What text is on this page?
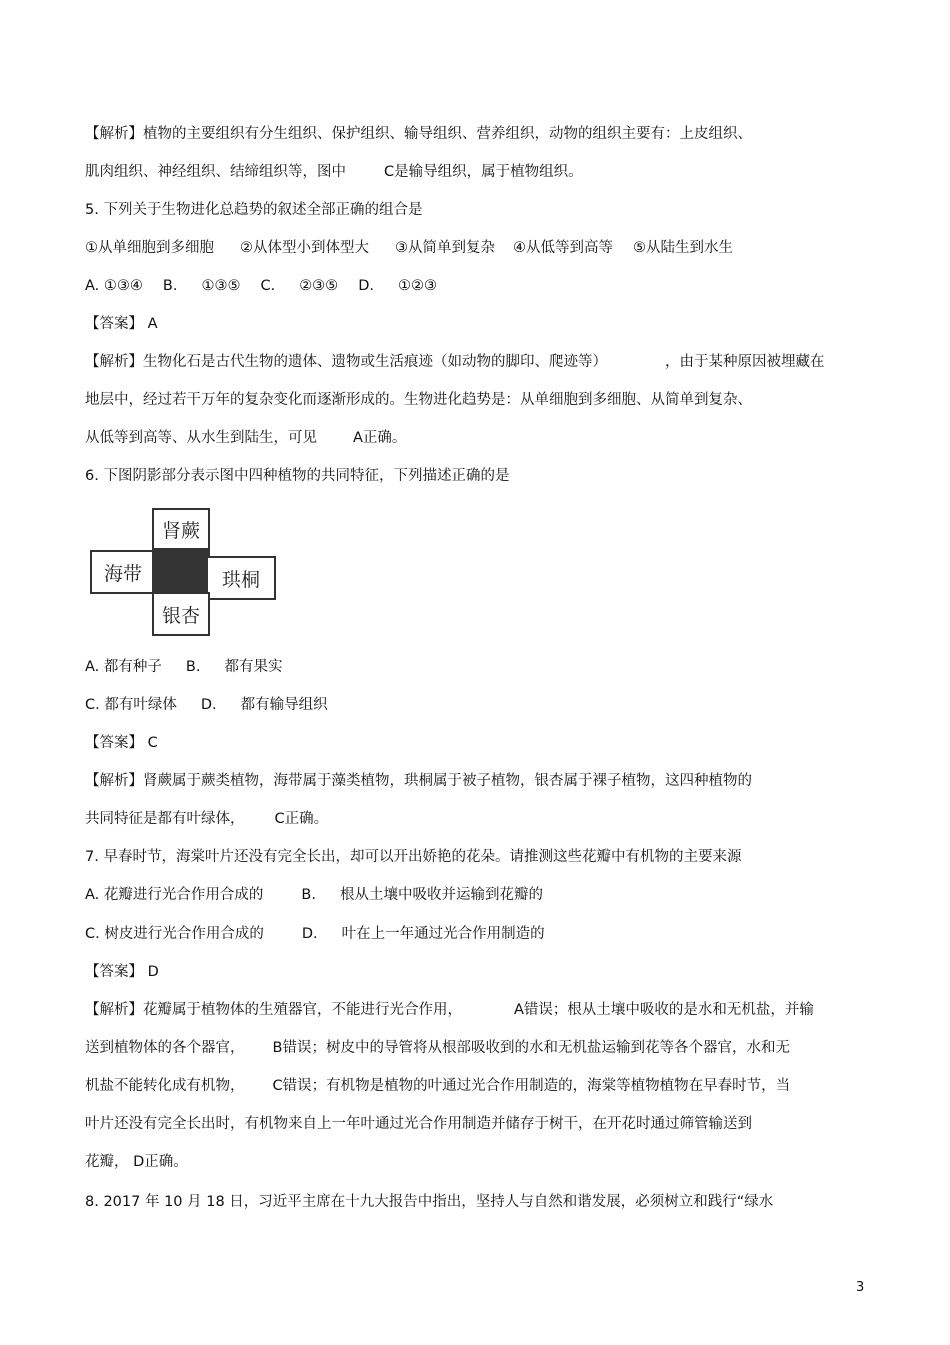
【解析】植物的主要组织有分生组织、保护组织、输导组织、营养组织，动物的组织主要有：上皮组织、
肌肉组织、神经组织、结缔组织等，图中	C是输导组织，属于植物组织。
5. 下列关于生物进化总趋势的叙述全部正确的组合是
①从单细胞到多细胞 ②从体型小到体型大 ③从简单到复杂 ④从低等到高等 ⑤从陆生到水生
A. ①③④ B. ①③⑤ C. ②③⑤ D. ①②③
【答案】 A
【解析】生物化石是古代生物的遗体、遗物或生活痕迹（如动物的脚印、爬迹等）	，由于某种原因被埋藏在
地层中，经过若干万年的复杂变化而逐渐形成的。生物进化趋势是：从单细胞到多细胞、从简单到复杂、
从低等到高等、从水生到陆生，可见 A正确。
6. 下图阴影部分表示图中四种植物的共同特征，下列描述正确的是
肾蕨
海带	珙桐
银杏
A. 都有种子 B. 都有果实
C. 都有叶绿体 D. 都有输导组织
【答案】 C
【解析】肾蕨属于蕨类植物，海带属于藻类植物，珙桐属于被子植物，银杏属于裸子植物，这四种植物的
共同特征是都有叶绿体， C正确。
7. 早春时节，海棠叶片还没有完全长出，却可以开出娇艳的花朵。请推测这些花瓣中有机物的主要来源
A. 花瓣进行光合作用合成的	B. 根从土壤中吸收并运输到花瓣的
C. 树皮进行光合作用合成的	D. 叶在上一年通过光合作用制造的
【答案】 D
【解析】花瓣属于植物体的生殖器官，不能进行光合作用，	A错误；根从土壤中吸收的是水和无机盐，并输
送到植物体的各个器官， B错误；树皮中的导管将从根部吸收到的水和无机盐运输到花等各个器官，水和无
机盐不能转化成有机物， C错误；有机物是植物的叶通过光合作用制造的，海棠等植物植物在早春时节，当
叶片还没有完全长出时，有机物来自上一年叶通过光合作用制造并储存于树干，在开花时通过筛管输送到
花瓣， D正确。
8. 2017 年 10 月 18 日，习近平主席在十九大报告中指出，坚持人与自然和谐发展，必须树立和践行“绿水
3
